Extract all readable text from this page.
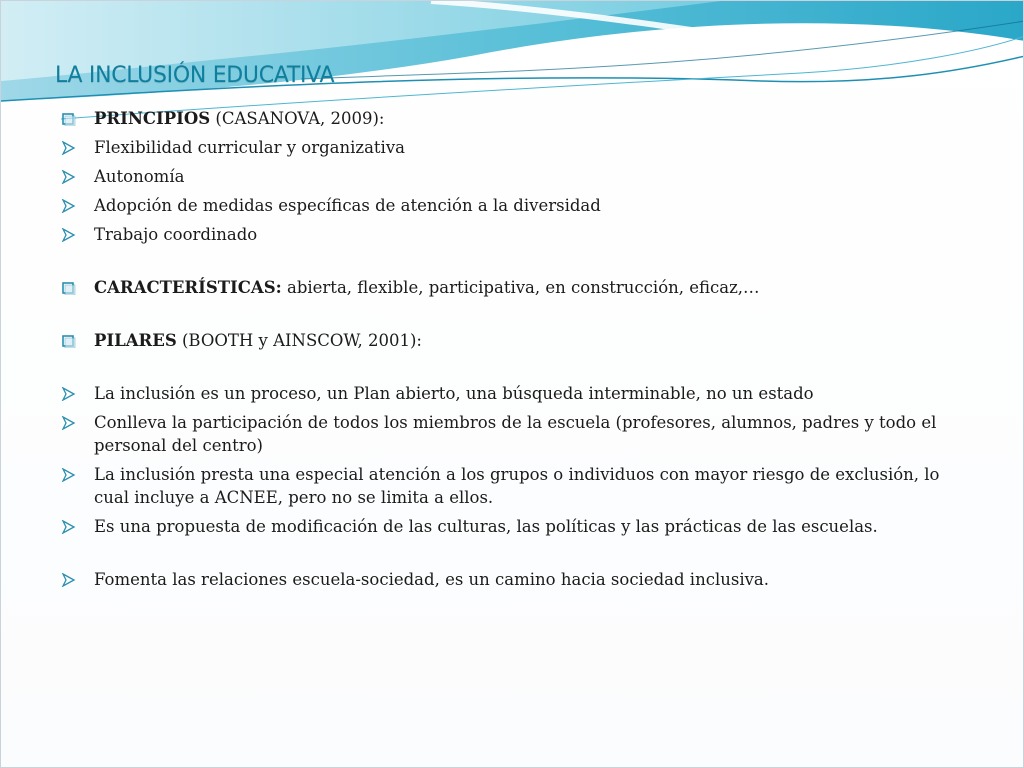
LA INCLUSIÓN EDUCATIVA
PRINCIPIOS (CASANOVA, 2009):
Flexibilidad curricular y organizativa
Autonomía
Adopción de medidas específicas de atención a la diversidad
Trabajo coordinado
CARACTERÍSTICAS: abierta, flexible, participativa, en construcción, eficaz,…
PILARES (BOOTH y AINSCOW, 2001):
La inclusión es un proceso, un Plan abierto, una búsqueda interminable, no un estado
Conlleva la participación de todos los miembros de la escuela (profesores, alumnos, padres y todo el personal del centro)
La inclusión presta una especial atención a los grupos o individuos con mayor riesgo de exclusión, lo cual incluye a ACNEE, pero no se limita a ellos.
Es una propuesta de modificación de las culturas, las políticas y las prácticas de las escuelas.
Fomenta las relaciones escuela-sociedad, es un camino hacia sociedad inclusiva.
